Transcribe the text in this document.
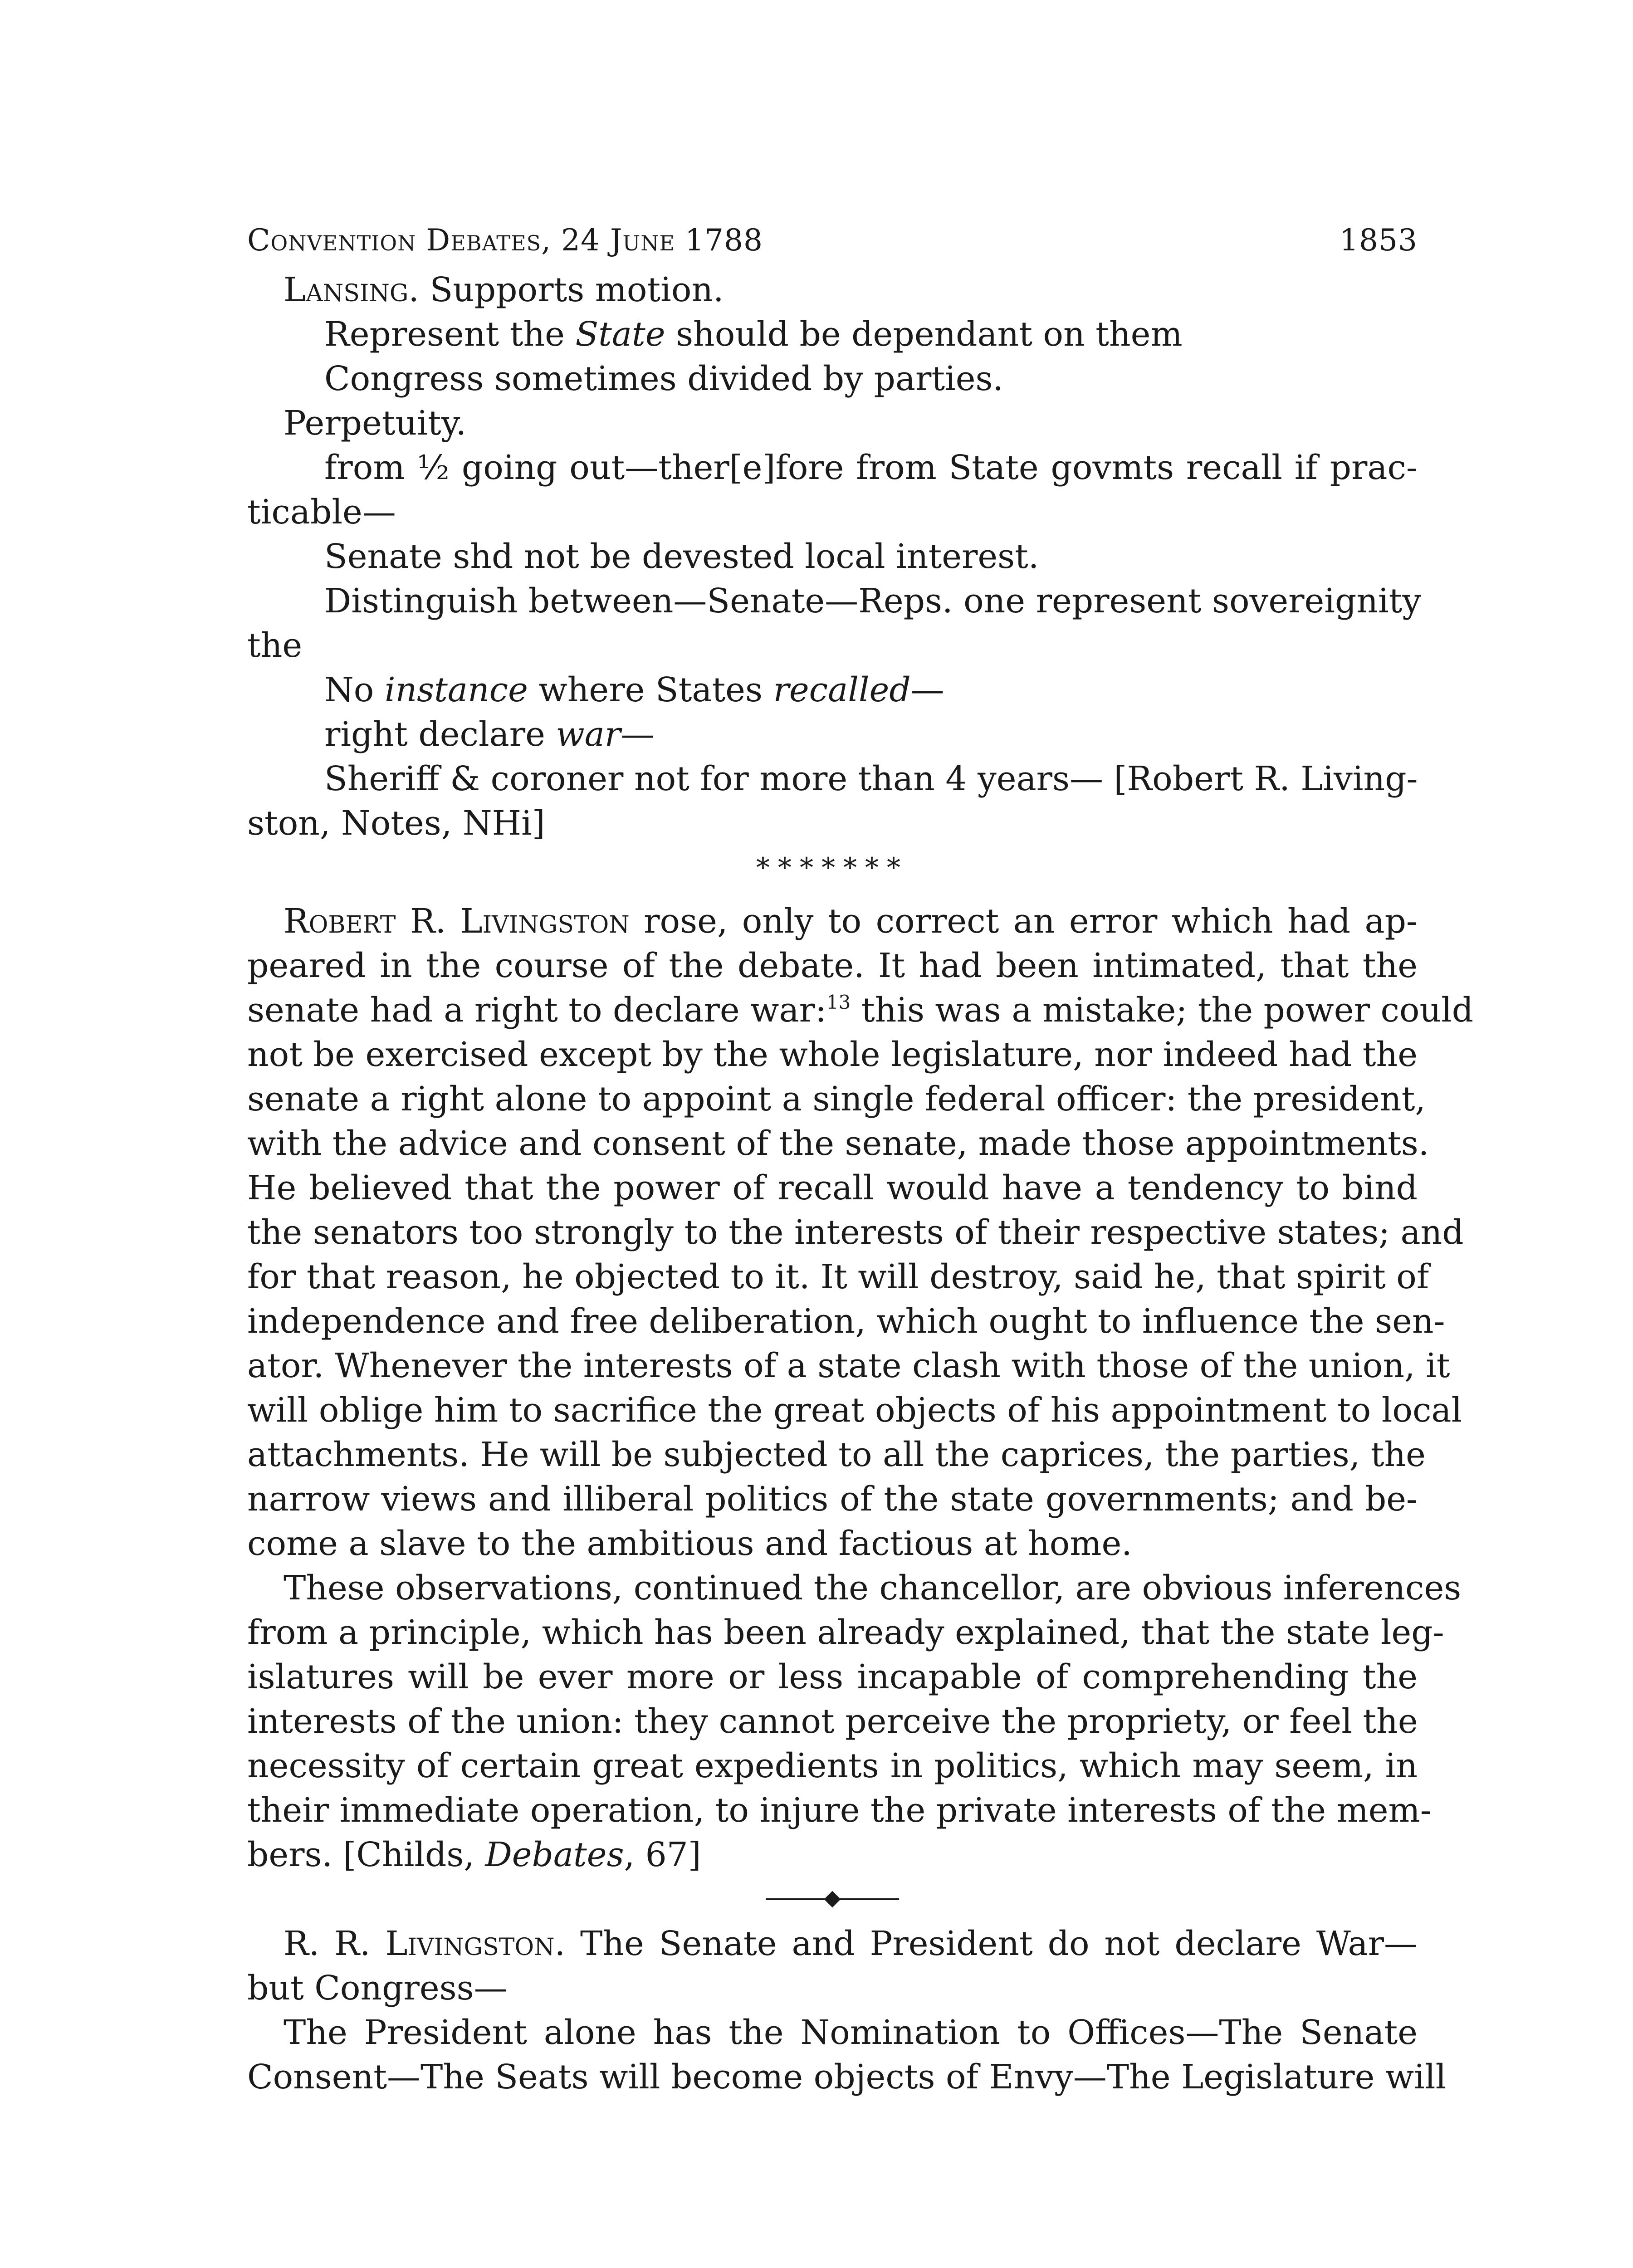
Convention Debates, 24 June 1788	1853
Lansing. Supports motion.
Represent the State should be dependant on them
Congress sometimes divided by parties.
Perpetuity.
from ½ going out—ther[e]fore from State govmts recall if prac-
ticable—
Senate shd not be devested local interest.
Distinguish between—Senate—Reps. one represent sovereignity
the
No instance where States recalled—
right declare war—
Sheriff & coroner not for more than 4 years— [Robert R. Living-
ston, Notes, NHi]
*******
Robert R. Livingston rose, only to correct an error which had ap-
peared in the course of the debate. It had been intimated, that the
senate had a right to declare war:$^{13}$ this was a mistake; the power could
not be exercised except by the whole legislature, nor indeed had the
senate a right alone to appoint a single federal officer: the president,
with the advice and consent of the senate, made those appointments.
He believed that the power of recall would have a tendency to bind
the senators too strongly to the interests of their respective states; and
for that reason, he objected to it. It will destroy, said he, that spirit of
independence and free deliberation, which ought to influence the sen-
ator. Whenever the interests of a state clash with those of the union, it
will oblige him to sacrifice the great objects of his appointment to local
attachments. He will be subjected to all the caprices, the parties, the
narrow views and illiberal politics of the state governments; and be-
come a slave to the ambitious and factious at home.
These observations, continued the chancellor, are obvious inferences
from a principle, which has been already explained, that the state leg-
islatures will be ever more or less incapable of comprehending the
interests of the union: they cannot perceive the propriety, or feel the
necessity of certain great expedients in politics, which may seem, in
their immediate operation, to injure the private interests of the mem-
bers. [Childs, Debates, 67]
R. R. Livingston. The Senate and President do not declare War—
but Congress—
The President alone has the Nomination to Offices—The Senate
Consent—The Seats will become objects of Envy—The Legislature will
